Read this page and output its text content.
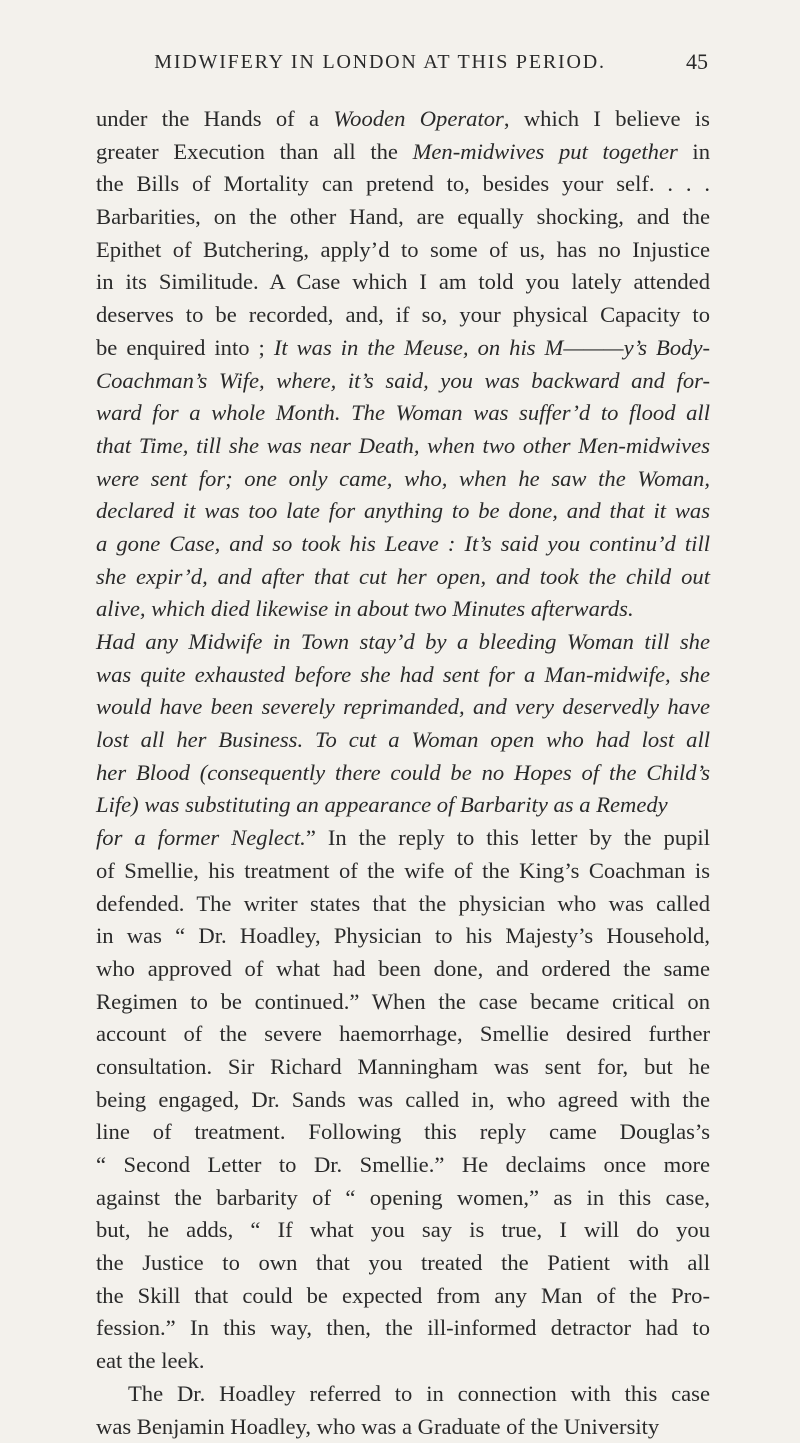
MIDWIFERY IN LONDON AT THIS PERIOD.	45
under the Hands of a Wooden Operator, which I believe is
greater Execution than all the Men-midwives put together in
the Bills of Mortality can pretend to, besides your self. . . .
Barbarities, on the other Hand, are equally shocking, and the
Epithet of Butchering, apply’d to some of us, has no Injustice
in its Similitude. A Case which I am told you lately attended
deserves to be recorded, and, if so, your physical Capacity to
be enquired into ; It was in the Meuse, on his M———y’s Body-
Coachman’s Wife, where, it’s said, you was backward and for-
ward for a whole Month. The Woman was suffer’d to flood all
that Time, till she was near Death, when two other Men-midwives
were sent for; one only came, who, when he saw the Woman,
declared it was too late for anything to be done, and that it was
a gone Case, and so took his Leave : It’s said you continu’d till
she expir’d, and after that cut her open, and took the child out
alive, which died likewise in about two Minutes afterwards.
Had any Midwife in Town stay’d by a bleeding Woman till she
was quite exhausted before she had sent for a Man-midwife, she
would have been severely reprimanded, and very deservedly have
lost all her Business. To cut a Woman open who had lost all
her Blood (consequently there could be no Hopes of the Child’s
Life) was substituting an appearance of Barbarity as a Remedy
for a former Neglect.” In the reply to this letter by the pupil
of Smellie, his treatment of the wife of the King’s Coachman is
defended. The writer states that the physician who was called
in was “ Dr. Hoadley, Physician to his Majesty’s Household,
who approved of what had been done, and ordered the same
Regimen to be continued.” When the case became critical on
account of the severe haemorrhage, Smellie desired further
consultation. Sir Richard Manningham was sent for, but he
being engaged, Dr. Sands was called in, who agreed with the
line of treatment. Following this reply came Douglas’s
“ Second Letter to Dr. Smellie.” He declaims once more
against the barbarity of “ opening women,” as in this case,
but, he adds, “ If what you say is true, I will do you
the Justice to own that you treated the Patient with all
the Skill that could be expected from any Man of the Pro-
fession.” In this way, then, the ill-informed detractor had to
eat the leek.
The Dr. Hoadley referred to in connection with this case
was Benjamin Hoadley, who was a Graduate of the University
